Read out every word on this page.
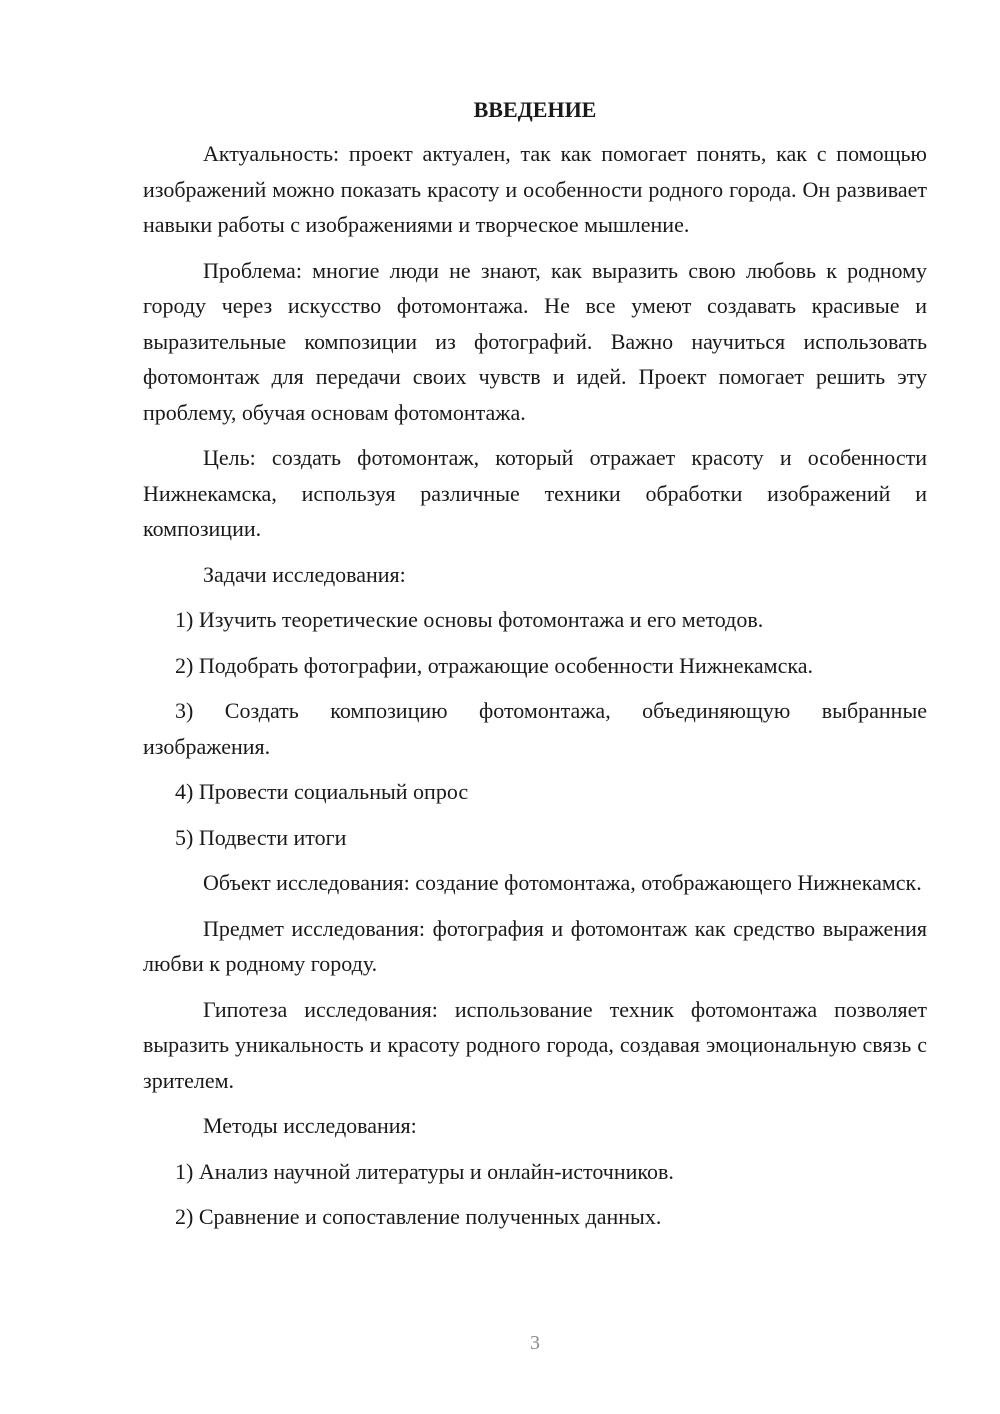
ВВЕДЕНИЕ

Актуальность: проект актуален, так как помогает понять, как с помощью изображений можно показать красоту и особенности родного города. Он развивает навыки работы с изображениями и творческое мышление.

Проблема: многие люди не знают, как выразить свою любовь к родному городу через искусство фотомонтажа. Не все умеют создавать красивые и выразительные композиции из фотографий. Важно научиться использовать фотомонтаж для передачи своих чувств и идей. Проект помогает решить эту проблему, обучая основам фотомонтажа.

Цель: создать фотомонтаж, который отражает красоту и особенности Нижнекамска, используя различные техники обработки изображений и композиции.

Задачи исследования:

1) Изучить теоретические основы фотомонтажа и его методов.

2) Подобрать фотографии, отражающие особенности Нижнекамска.

3) Создать композицию фотомонтажа, объединяющую выбранные изображения.

4) Провести социальный опрос

5) Подвести итоги

Объект исследования: создание фотомонтажа, отображающего Нижнекамск.

Предмет исследования: фотография и фотомонтаж как средство выражения любви к родному городу.

Гипотеза исследования: использование техник фотомонтажа позволяет выразить уникальность и красоту родного города, создавая эмоциональную связь с зрителем.

Методы исследования:

1) Анализ научной литературы и онлайн-источников.

2) Сравнение и сопоставление полученных данных.

3
